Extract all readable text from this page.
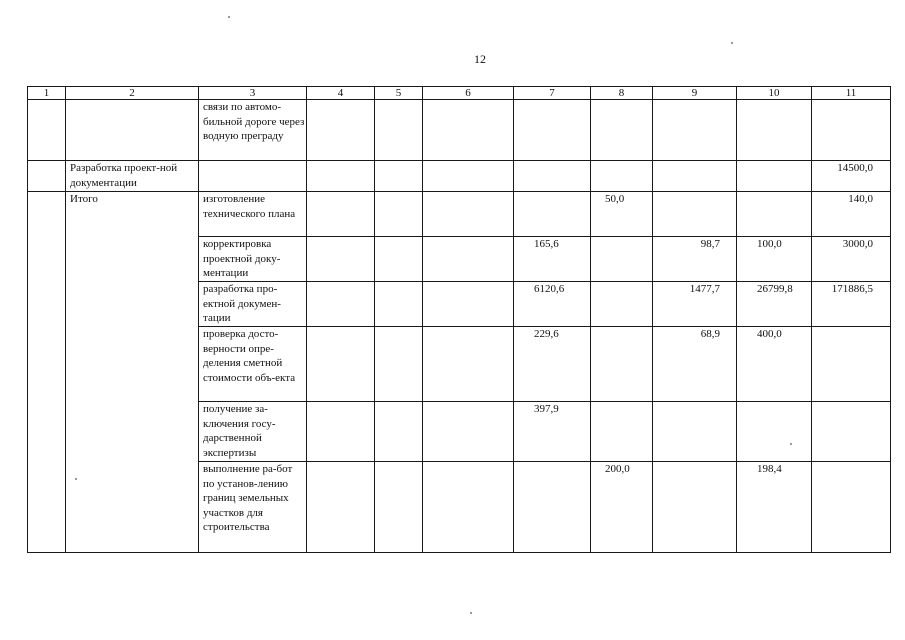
12
1	2	3	4	5	6	7	8	9	10	11
		связи по автомо-бильной дороге через водную преграду								
	Разработка проект-ной документации									14500,0
	Итого	изготовление технического плана					50,0			140,0
		корректировка проектной доку-ментации				165,6		98,7	100,0	3000,0
		разработка про-ектной докумен-тации				6120,6		1477,7	26799,8	171886,5
		проверка досто-верности опре-деления сметной стоимости объ-екта				229,6		68,9	400,0	
		получение за-ключения госу-дарственной экспертизы				397,9				
		выполнение ра-бот по установ-лению границ земельных участков для строительства					200,0		198,4	
